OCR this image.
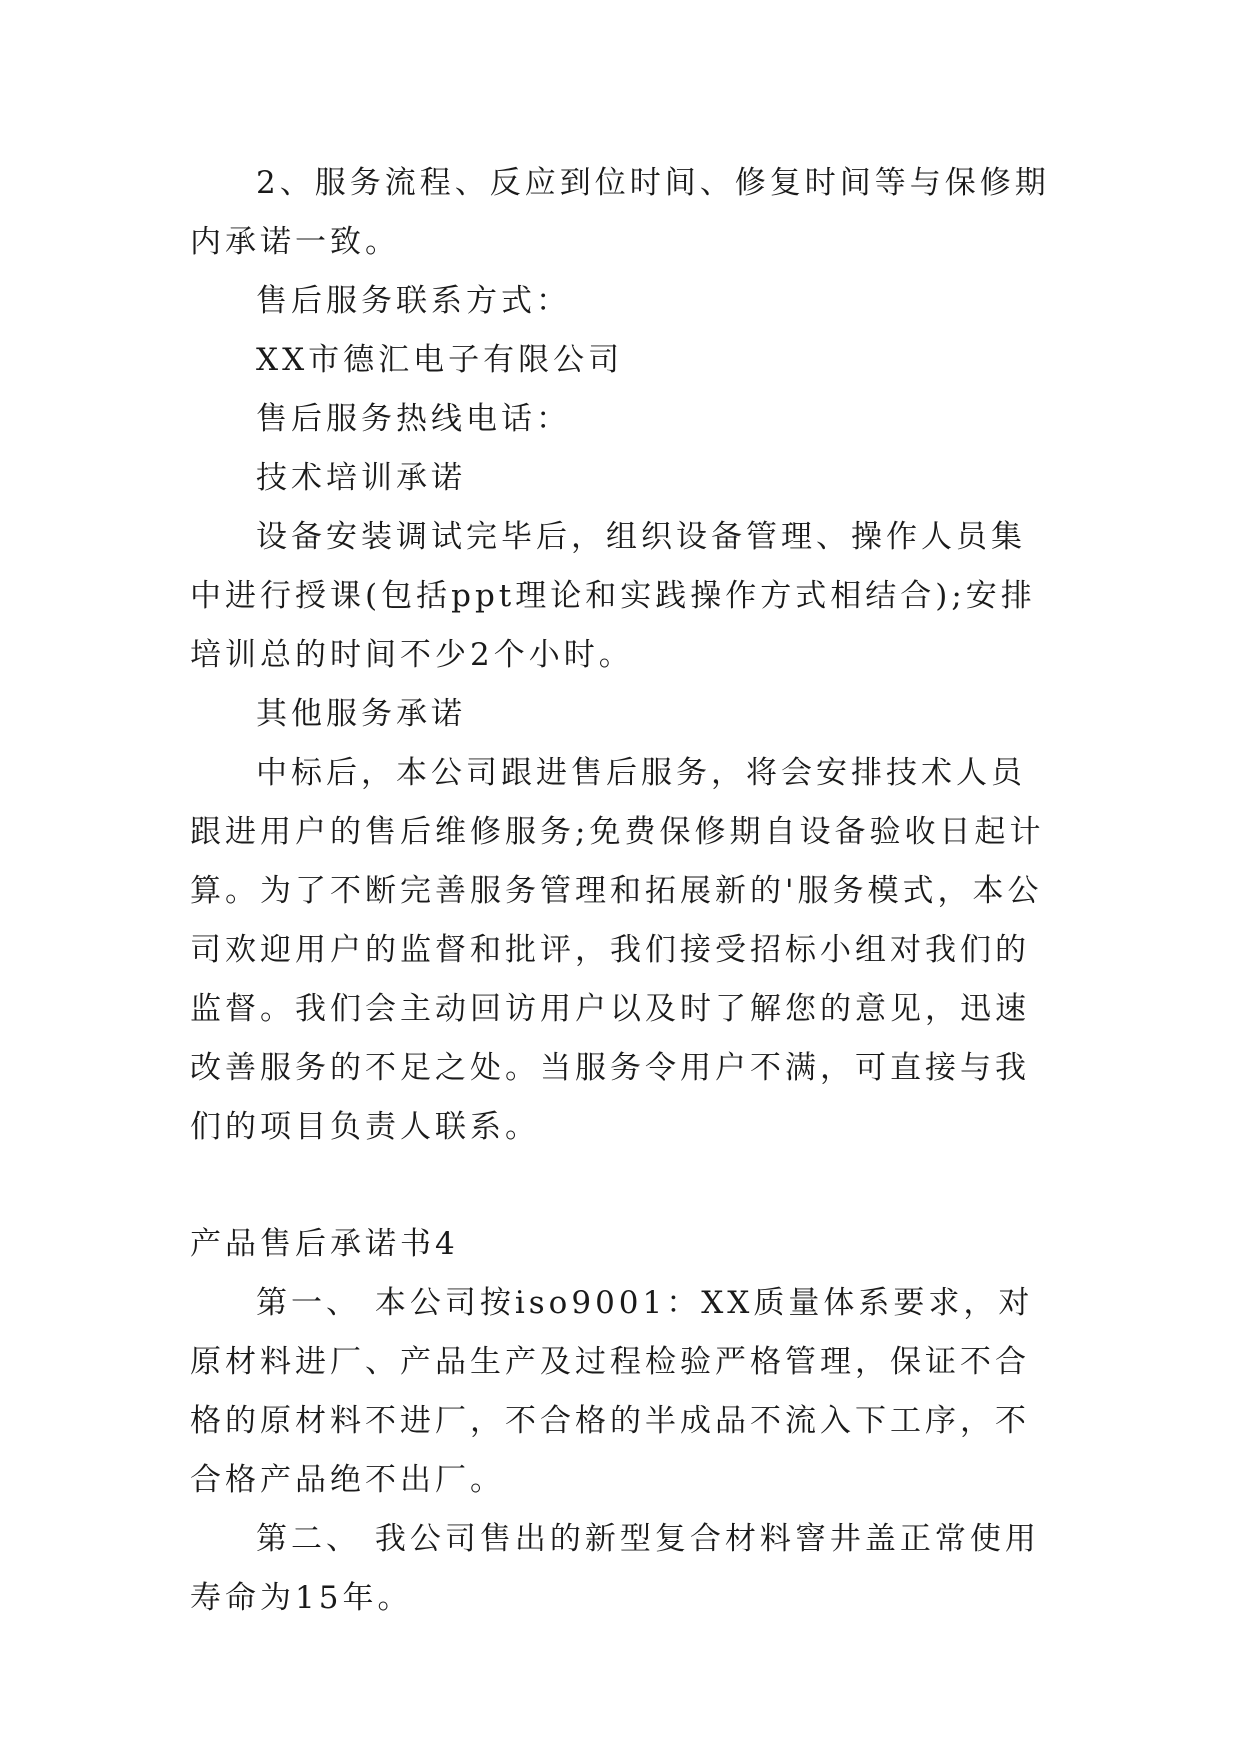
2、服务流程、反应到位时间、修复时间等与保修期内承诺一致。

售后服务联系方式：

XX市德汇电子有限公司

售后服务热线电话：

技术培训承诺

设备安装调试完毕后，组织设备管理、操作人员集中进行授课(包括ppt理论和实践操作方式相结合);安排培训总的时间不少2个小时。

其他服务承诺

中标后，本公司跟进售后服务，将会安排技术人员跟进用户的售后维修服务;免费保修期自设备验收日起计算。为了不断完善服务管理和拓展新的'服务模式，本公司欢迎用户的监督和批评，我们接受招标小组对我们的监督。我们会主动回访用户以及时了解您的意见，迅速改善服务的不足之处。当服务令用户不满，可直接与我们的项目负责人联系。

产品售后承诺书4

第一、 本公司按iso9001：XX质量体系要求，对原材料进厂、产品生产及过程检验严格管理，保证不合格的原材料不进厂，不合格的半成品不流入下工序，不合格产品绝不出厂。

第二、 我公司售出的新型复合材料窨井盖正常使用寿命为15年。
